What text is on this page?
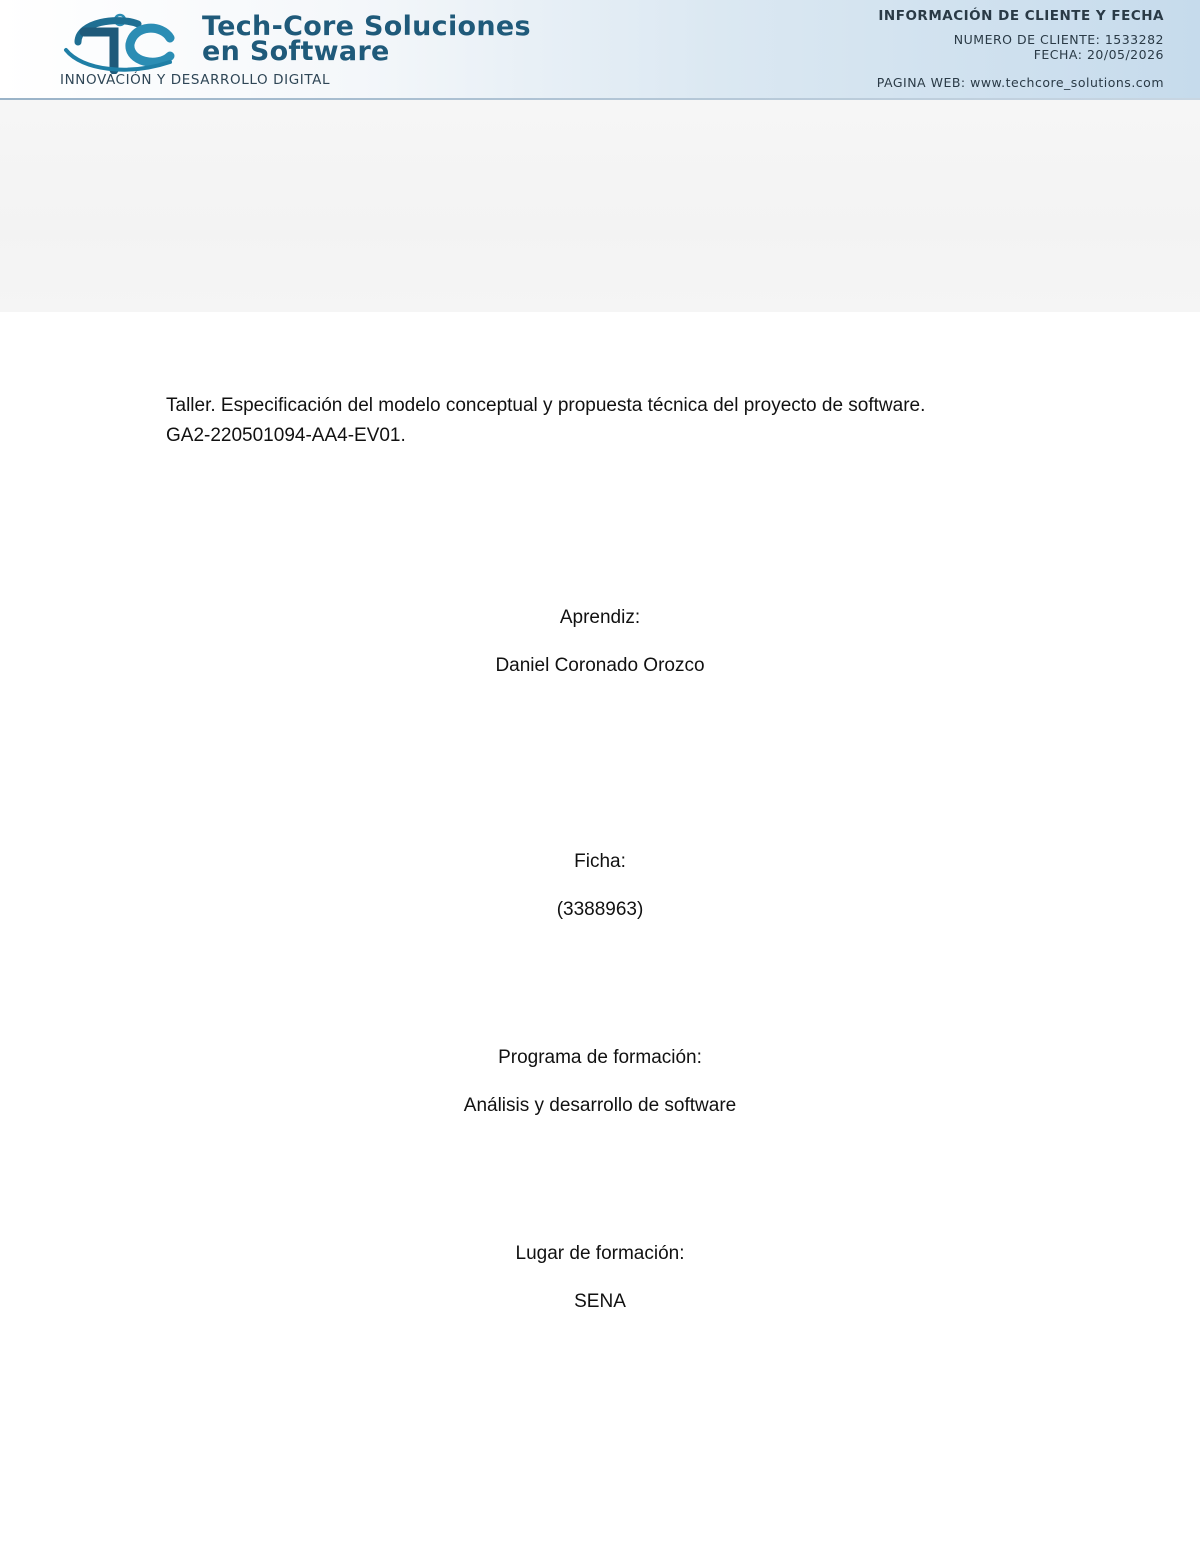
Tech-Core Soluciones
en Software
INNOVACIÓN Y DESARROLLO DIGITAL
INFORMACIÓN DE CLIENTE Y FECHA
NUMERO DE CLIENTE: 1533282
FECHA: 20/05/2026
PAGINA WEB: www.techcore_solutions.com
Taller. Especificación del modelo conceptual y propuesta técnica del proyecto de software.
GA2-220501094-AA4-EV01.
Aprendiz:
Daniel Coronado Orozco
Ficha:
(3388963)
Programa de formación:
Análisis y desarrollo de software
Lugar de formación:
SENA
